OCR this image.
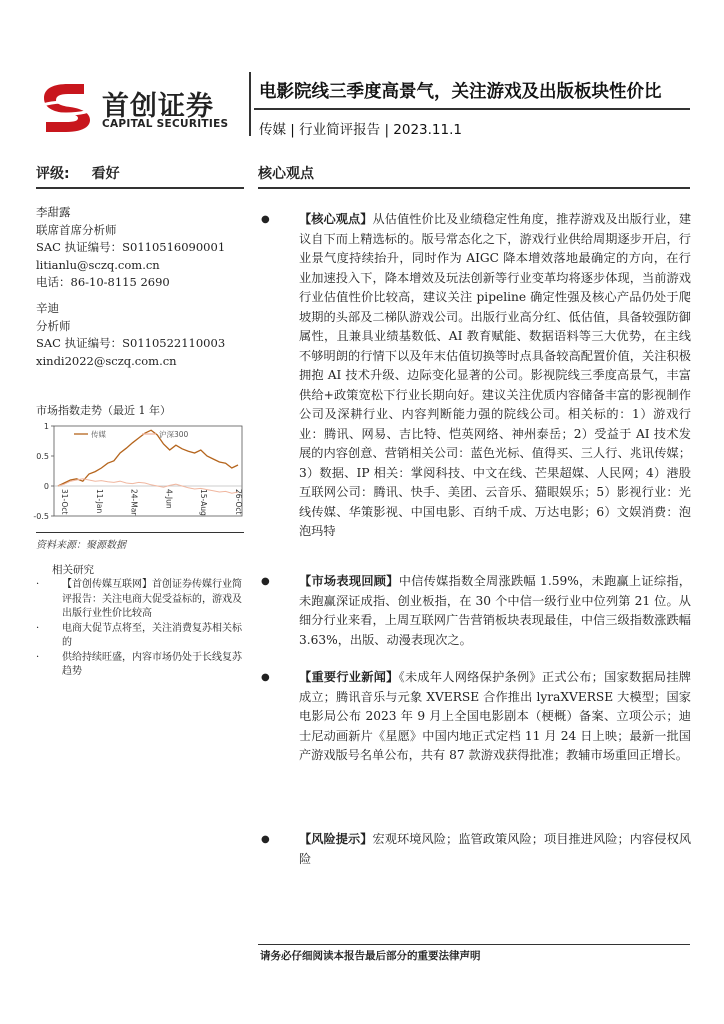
首创证券
CAPITAL SECURITIES
电影院线三季度高景气，关注游戏及出版板块性价比
传媒 | 行业简评报告 | 2023.11.1
评级: 看好
李甜露
联席首席分析师
SAC 执证编号：S0110516090001
litianlu@sczq.com.cn
电话：86-10-8115 2690
辛迪
分析师
SAC 执证编号：S0110522110003
xindi2022@sczq.com.cn
市场指数走势（最近 1 年）
1
0.5
0
-0.5
31-Oct	11-Jan	24-Mar	4-Jun	15-Aug	26-Oct
传媒	沪深300
资料来源：聚源数据
相关研究
· 【首创传媒互联网】首创证券传媒行业简评报告：关注电商大促受益标的，游戏及出版行业性价比较高
· 电商大促节点将至，关注消费复苏相关标的
· 供给持续旺盛，内容市场仍处于长线复苏趋势
核心观点
● 【核心观点】从估值性价比及业绩稳定性角度，推荐游戏及出版行业，建议自下而上精选标的。版号常态化之下，游戏行业供给周期逐步开启，行业景气度持续抬升，同时作为 AIGC 降本增效落地最确定的方向，在行业加速投入下，降本增效及玩法创新等行业变革均将逐步体现，当前游戏行业估值性价比较高，建议关注 pipeline 确定性强及核心产品仍处于爬坡期的头部及二梯队游戏公司。出版行业高分红、低估值，具备较强防御属性，且兼具业绩基数低、AI 教育赋能、数据语料等三大优势，在主线不够明朗的行情下以及年末估值切换等时点具备较高配置价值，关注积极拥抱 AI 技术升级、边际变化显著的公司。影视院线三季度高景气，丰富供给+政策宽松下行业长期向好。建议关注优质内容储备丰富的影视制作公司及深耕行业、内容判断能力强的院线公司。相关标的：1）游戏行业：腾讯、网易、吉比特、恺英网络、神州泰岳；2）受益于 AI 技术发展的内容创意、营销相关公司：蓝色光标、值得买、三人行、兆讯传媒；3）数据、IP 相关：掌阅科技、中文在线、芒果超媒、人民网；4）港股互联网公司：腾讯、快手、美团、云音乐、猫眼娱乐；5）影视行业：光线传媒、华策影视、中国电影、百纳千成、万达电影；6）文娱消费：泡泡玛特
● 【市场表现回顾】中信传媒指数全周涨跌幅 1.59%，未跑赢上证综指，未跑赢深证成指、创业板指，在 30 个中信一级行业中位列第 21 位。从细分行业来看，上周互联网广告营销板块表现最佳，中信三级指数涨跌幅 3.63%，出版、动漫表现次之。
● 【重要行业新闻】《未成年人网络保护条例》正式公布；国家数据局挂牌成立；腾讯音乐与元象 XVERSE 合作推出 lyraXVERSE 大模型；国家电影局公布 2023 年 9 月上全国电影剧本（梗概）备案、立项公示；迪士尼动画新片《星愿》中国内地正式定档 11 月 24 日上映；最新一批国产游戏版号名单公布，共有 87 款游戏获得批准；教辅市场重回正增长。
● 【风险提示】宏观环境风险；监管政策风险；项目推进风险；内容侵权风险
请务必仔细阅读本报告最后部分的重要法律声明
